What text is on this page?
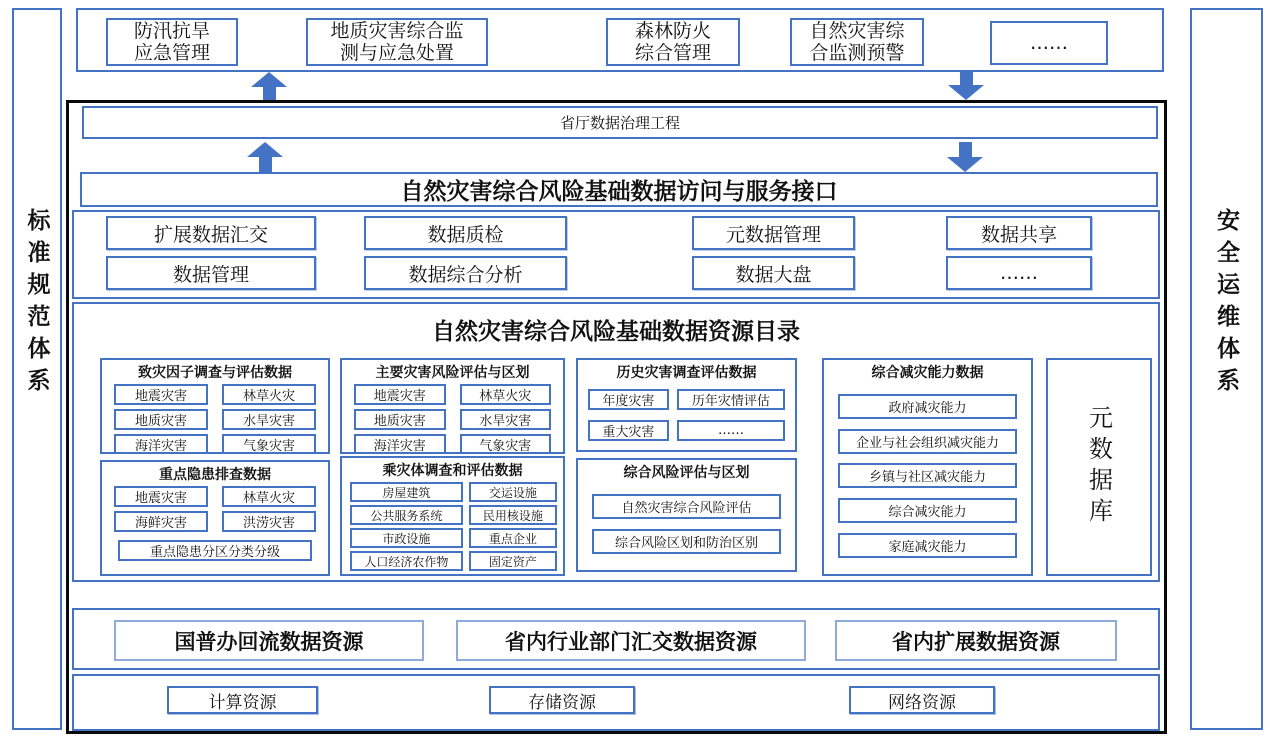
标准规范体系	安全运维体系
防汛抗旱
应急管理
地质灾害综合监
测与应急处置
森林防火
综合管理
自然灾害综
合监测预警	……
省厅数据治理工程
自然灾害综合风险基础数据访问与服务接口
扩展数据汇交	数据质检	元数据管理	数据共享
数据管理	数据综合分析	数据大盘	……
自然灾害综合风险基础数据资源目录
致灾因子调查与评估数据
地震灾害	林草火灾
地质灾害	水旱灾害
海洋灾害	气象灾害
主要灾害风险评估与区划
地震灾害	林草火灾
地质灾害	水旱灾害
海洋灾害	气象灾害
历史灾害调查评估数据
年度灾害	历年灾情评估
重大灾害	……
综合减灾能力数据
政府减灾能力
企业与社会组织减灾能力
乡镇与社区减灾能力
综合减灾能力
家庭减灾能力
元数据库
重点隐患排查数据
地震灾害	林草火灾
海鲜灾害	洪涝灾害
重点隐患分区分类分级
乘灾体调查和评估数据
房屋建筑	交运设施
公共服务系统	民用核设施
市政设施	重点企业
人口经济农作物	固定资产
综合风险评估与区划
自然灾害综合风险评估
综合风险区划和防治区别
国普办回流数据资源	省内行业部门汇交数据资源	省内扩展数据资源
计算资源	存储资源	网络资源
